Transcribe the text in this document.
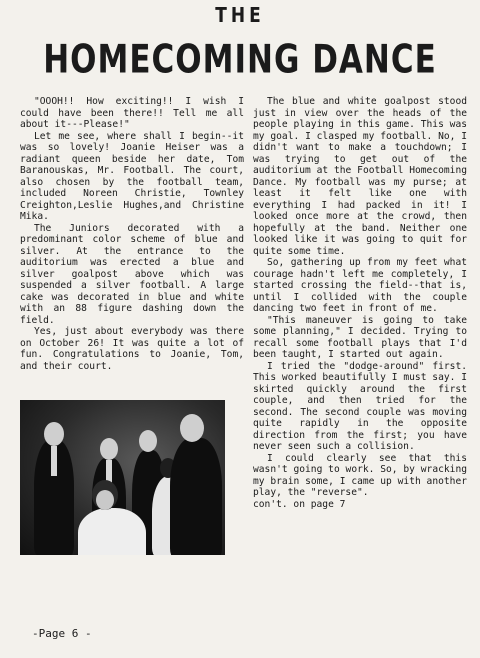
THE
HOMECOMING DANCE

"OOOH!! How exciting!! I wish I could have been there!! Tell me all about it---Please!"

Let me see, where shall I begin--it was so lovely! Joanie Heiser was a radiant queen beside her date, Tom Baranouskas, Mr. Football. The court, also chosen by the football team, included Noreen Christie, Townley Creighton,Leslie Hughes,and Christine Mika.

The Juniors decorated with a predominant color scheme of blue and silver. At the entrance to the auditorium was erected a blue and silver goalpost above which was suspended a silver football. A large cake was decorated in blue and white with an 88 figure dashing down the field.

Yes, just about everybody was there on October 26! It was quite a lot of fun. Congratulations to Joanie, Tom, and their court.

The blue and white goalpost stood just in view over the heads of the people playing in this game. This was my goal. I clasped my football. No, I didn't want to make a touchdown; I was trying to get out of the auditorium at the Football Homecoming Dance. My football was my purse; at least it felt like one with everything I had packed in it! I looked once more at the crowd, then hopefully at the band. Neither one looked like it was going to quit for quite some time.

So, gathering up from my feet what courage hadn't left me completely, I started crossing the field--that is, until I collided with the couple dancing two feet in front of me.

"This maneuver is going to take some planning," I decided. Trying to recall some football plays that I'd been taught, I started out again.

I tried the "dodge-around" first. This worked beautifully I must say. I skirted quickly around the first couple, and then tried for the second. The second couple was moving quite rapidly in the opposite direction from the first; you have never seen such a collision.

I could clearly see that this wasn't going to work. So, by wracking my brain some, I came up with another play, the "reverse".

con't. on page 7

-Page 6 -
